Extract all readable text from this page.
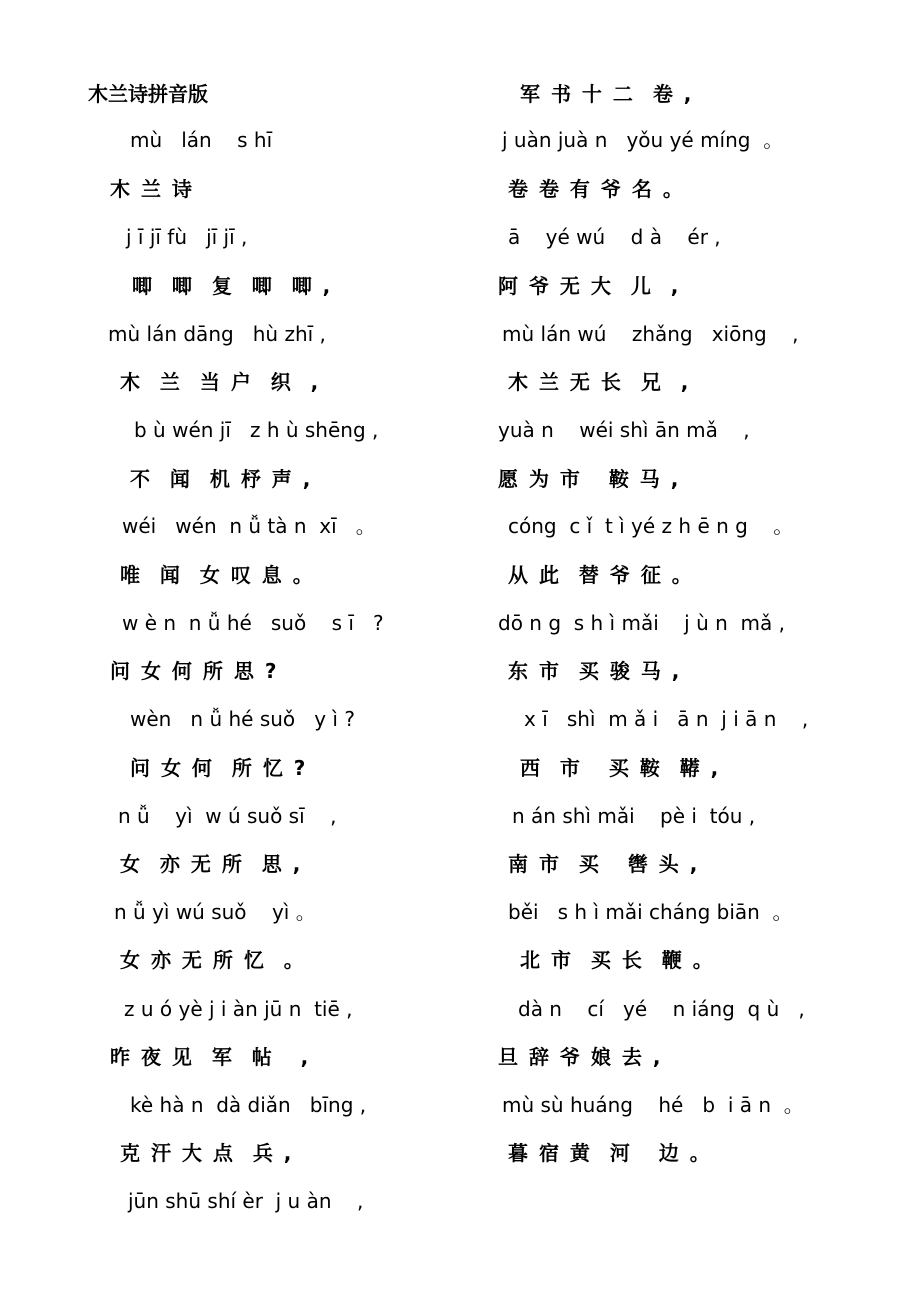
木兰诗拼音版
mù   lán    s hī
木 兰 诗
j ī jī fù   jī jī ,
唧  唧  复  唧  唧 ,
mù lán dāng   hù zhī ,
木  兰  当 户  织  ,
b ù wén jī   z h ù shēng ,
不  闻  机 杼 声 ,
wéi   wén  n ǚ tà n  xī   。
唯  闻  女 叹 息 。
w è n  n ǚ hé   suǒ    s ī   ?
问 女 何 所 思 ?
wèn   n ǚ hé suǒ   y ì ?
问 女 何  所 忆 ?
n ǚ    yì  w ú suǒ sī    ,
女  亦 无 所  思 ,
n ǚ yì wú suǒ    yì 。
女 亦 无 所 忆  。
z u ó yè j i àn jū n  tiē ,
昨 夜 见  军  帖   ,
kè hà n  dà diǎn   bīng ,
克 汗 大 点  兵 ,
jūn shū shí èr  j u àn    ,
军 书 十 二  卷 ,
j uàn juà n   yǒu yé míng  。
卷 卷 有 爷 名 。
ā    yé wú    d à    ér ,
阿 爷 无 大  儿  ,
mù lán wú    zhǎng   xiōng    ,
木 兰 无 长  兄  ,
yuà n    wéi shì ān mǎ    ,
愿 为 市   鞍 马 ,
cóng  c ǐ  t ì yé z h ē n g    。
从 此  替 爷 征 。
dō n g  s h ì mǎi    j ù n  mǎ ,
东 市  买 骏 马 ,
x ī   shì  m ǎ i   ā n  j i ā n    ,
西  市   买 鞍  鞯 ,
n án shì mǎi    pè i  tóu ,
南 市  买   辔 头 ,
běi   s h ì mǎi cháng biān  。
北 市  买 长  鞭 。
dà n    cí   yé    n iáng  q ù   ,
旦 辞 爷 娘 去 ,
mù sù huáng    hé   b  i ā n  。
暮 宿 黄  河   边 。
